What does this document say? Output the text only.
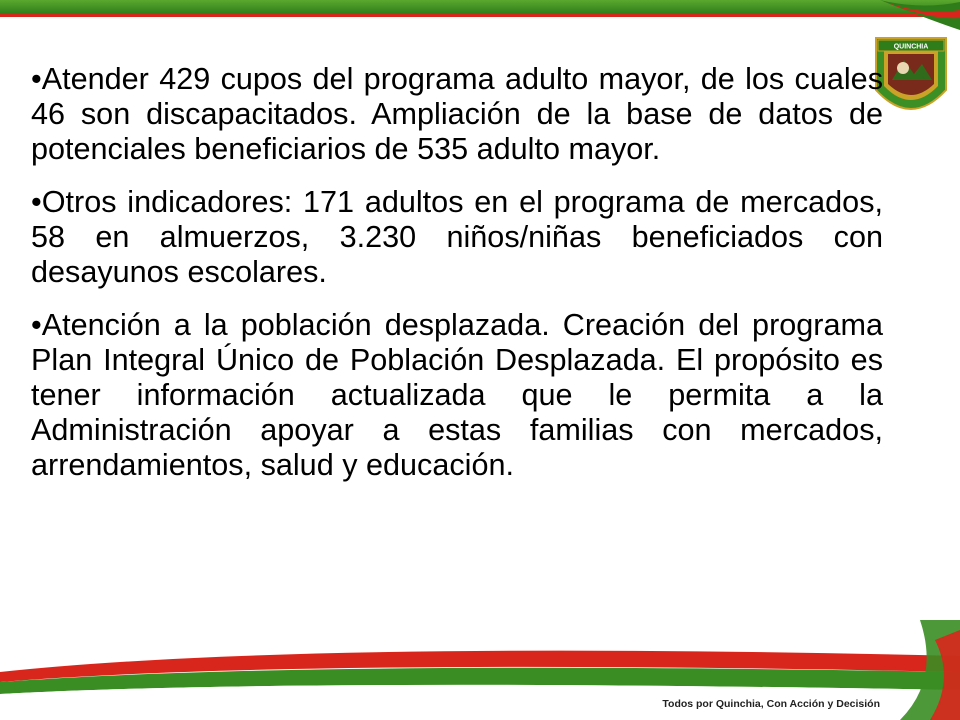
QUINCHIA
•Atender 429 cupos del programa adulto mayor, de los cuales 46 son discapacitados. Ampliación de la base de datos de potenciales beneficiarios de 535 adulto mayor.
•Otros indicadores: 171 adultos en el programa de mercados, 58 en almuerzos, 3.230 niños/niñas beneficiados con desayunos escolares.
•Atención a la población desplazada. Creación del programa Plan Integral Único de Población Desplazada. El propósito es tener información actualizada que le permita a la Administración apoyar a estas familias con mercados, arrendamientos, salud y educación.
Todos por Quinchia, Con Acción y Decisión
